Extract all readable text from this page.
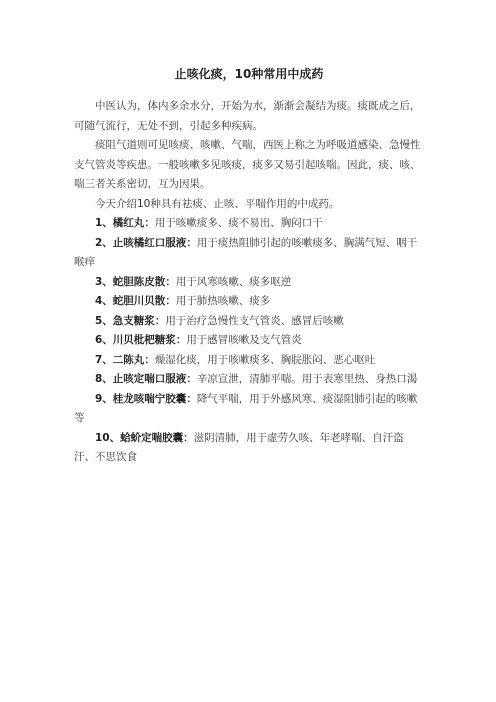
止咳化痰，10种常用中成药

中医认为，体内多余水分，开始为水，渐渐会凝结为痰。痰既成之后，可随气流行，无处不到，引起多种疾病。

痰阻气道则可见咳痰、咳嗽、气喘，西医上称之为呼吸道感染、急慢性支气管炎等疾患。一般咳嗽多见咳痰，痰多又易引起咳喘。因此，痰、咳、喘三者关系密切，互为因果。

今天介绍10种具有祛痰、止咳、平喘作用的中成药。

1、橘红丸：用于咳嗽痰多、痰不易出、胸闷口干

2、止咳橘红口服液：用于痰热阻肺引起的咳嗽痰多、胸满气短、咽干喉痒

3、蛇胆陈皮散：用于风寒咳嗽、痰多呕逆

4、蛇胆川贝散：用于肺热咳嗽、痰多

5、急支糖浆：用于治疗急慢性支气管炎、感冒后咳嗽

6、川贝枇杷糖浆：用于感冒咳嗽及支气管炎

7、二陈丸：燥湿化痰，用于咳嗽痰多、胸脘胀闷、恶心呕吐

8、止咳定喘口服液：辛凉宣泄，清肺平喘。用于表寒里热、身热口渴

9、桂龙咳喘宁胶囊：降气平喘，用于外感风寒、痰湿阻肺引起的咳嗽等

10、蛤蚧定喘胶囊：滋阴清肺，用于虚劳久咳、年老哮喘、自汗盗汗、不思饮食
